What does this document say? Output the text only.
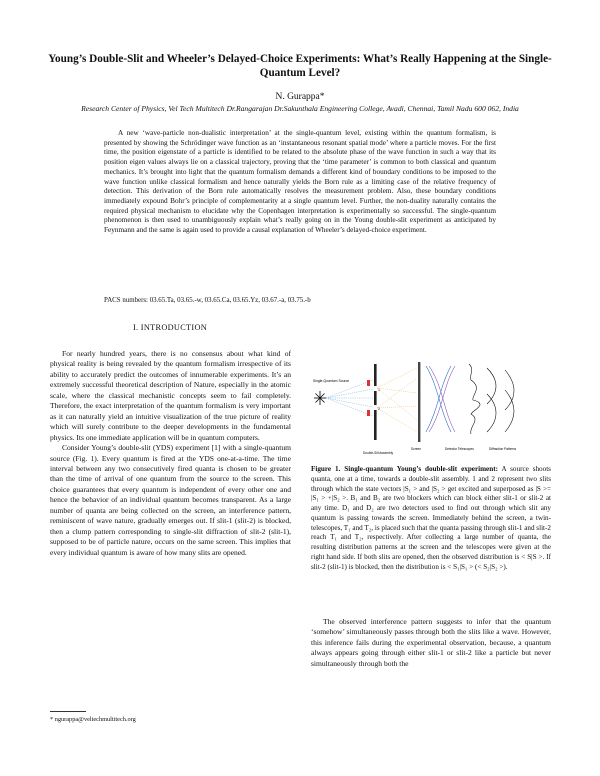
Young’s Double-Slit and Wheeler’s Delayed-Choice Experiments: What’s Really Happening at the Single-Quantum Level?
N. Gurappa*
Research Center of Physics, Vel Tech Multitech Dr.Rangarajan Dr.Sakunthala Engineering College, Avadi, Chennai, Tamil Nadu 600 062, India
A new ‘wave-particle non-dualistic interpretation’ at the single-quantum level, existing within the quantum formalism, is presented by showing the Schrödinger wave function as an ‘instantaneous resonant spatial mode’ where a particle moves. For the first time, the position eigenstate of a particle is identified to be related to the absolute phase of the wave function in such a way that its position eigen values always lie on a classical trajectory, proving that the ‘time parameter’ is common to both classical and quantum mechanics. It’s brought into light that the quantum formalism demands a different kind of boundary conditions to be imposed to the wave function unlike classical formalism and hence naturally yields the Born rule as a limiting case of the relative frequency of detection. This derivation of the Born rule automatically resolves the measurement problem. Also, these boundary conditions immediately expound Bohr’s principle of complementarity at a single quantum level. Further, the non-duality naturally contains the required physical mechanism to elucidate why the Copenhagen interpretation is experimentally so successful. The single-quantum phenomenon is then used to unambiguously explain what’s really going on in the Young double-slit experiment as anticipated by Feynmann and the same is again used to provide a causal explanation of Wheeler’s delayed-choice experiment.
PACS numbers: 03.65.Ta, 03.65.-w, 03.65.Ca, 03.65.Yz, 03.67.-a, 03.75.-b
I. INTRODUCTION

For nearly hundred years, there is no consensus about what kind of physical reality is being revealed by the quantum formalism irrespective of its ability to accurately predict the outcomes of innumerable experiments. It’s an extremely successful theoretical description of Nature, especially in the atomic scale, where the classical mechanistic concepts seem to fail completely. Therefore, the exact interpretation of the quantum formalism is very important as it can naturally yield an intuitive visualization of the true picture of reality which will surely contribute to the deeper developments in the fundamental physics. Its one immediate application will be in quantum computers.

Consider Young’s double-slit (YDS) experiment [1] with a single-quantum source (Fig. 1). Every quantum is fired at the YDS one-at-a-time. The time interval between any two consecutively fired quanta is chosen to be greater than the time of arrival of one quantum from the source to the screen. This choice guarantees that every quantum is independent of every other one and hence the behavior of an individual quantum becomes transparent. As a large number of quanta are being collected on the screen, an interference pattern, reminiscent of wave nature, gradually emerges out. If slit-1 (slit-2) is blocked, then a clump pattern corresponding to single-slit diffraction of slit-2 (slit-1), supposed to be of particle nature, occurs on the same screen. This implies that every individual quantum is aware of how many slits are opened.

Single-Quantum Source
1
2
Double-Slit Assembly
Screen	Detector Telescopes	Diffraction Patterns
Figure 1. Single-quantum Young’s double-slit experiment: A source shoots quanta, one at a time, towards a double-slit assembly. 1 and 2 represent two slits through which the state vectors |S₁ > and |S₂ > get excited and superposed as |S >= |S₁ > +|S₂ >. B₁ and B₂ are two blockers which can block either slit-1 or slit-2 at any time. D₁ and D₂ are two detectors used to find out through which slit any quantum is passing towards the screen. Immediately behind the screen, a twin-telescopes, T₁ and T₂, is placed such that the quanta passing through slit-1 and slit-2 reach T₁ and T₂, respectively. After collecting a large number of quanta, the resulting distribution patterns at the screen and the telescopes were given at the right hand side. If both slits are opened, then the observed distribution is < S|S >. If slit-2 (slit-1) is blocked, then the distribution is < S₁|S₁ > (< S₂|S₂ >).

The observed interference pattern suggests to infer that the quantum ‘somehow’ simultaneously passes through both the slits like a wave. However, this inference fails during the experimental observation, because, a quantum always appears going through either slit-1 or slit-2 like a particle but never simultaneously through both the

* ngurappa@veltechmultitech.org
